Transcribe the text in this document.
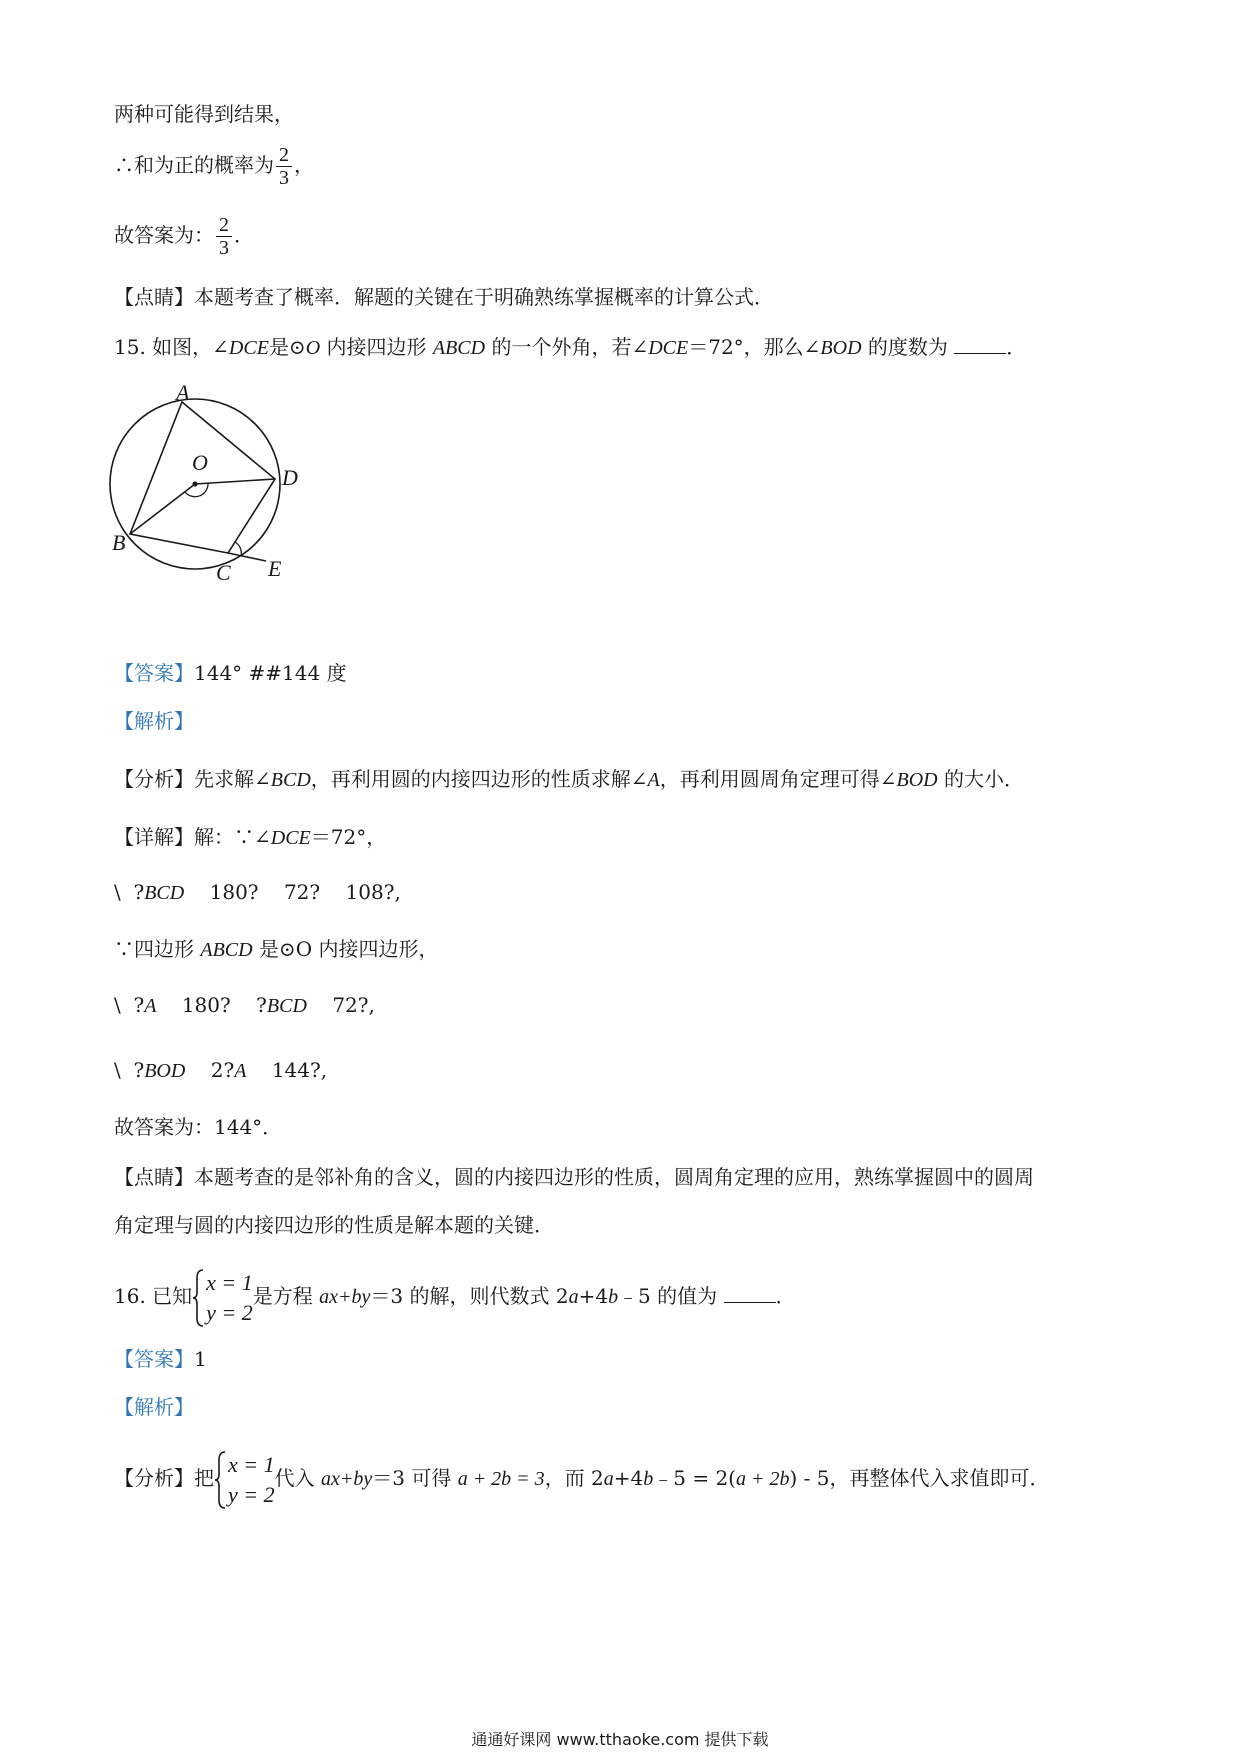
两种可能得到结果，
∴和为正的概率为 $\frac{2}{3}$ ，
故答案为： $\frac{2}{3}$ ．
【点睛】本题考查了概率．解题的关键在于明确熟练掌握概率的计算公式．
15. 如图，∠DCE是⊙O 内接四边形 ABCD 的一个外角，若∠DCE＝72°，那么∠BOD 的度数为	．
A
O
D
B
C E
【答案】144° ##144 度
【解析】
【分析】先求解∠BCD，再利用圆的内接四边形的性质求解∠A，再利用圆周角定理可得∠BOD 的大小．
【详解】解：∵∠DCE＝72°，
\  ?BCD    180?    72?    108?,
∵四边形 ABCD 是⊙O 内接四边形，
\  ?A    180?    ?BCD    72?,
\  ?BOD    2?A    144?,
故答案为：144°．
【点睛】本题考查的是邻补角的含义，圆的内接四边形的性质，圆周角定理的应用，熟练掌握圆中的圆周
角定理与圆的内接四边形的性质是解本题的关键．
16. 已知
x = 1
y = 2
是方程 ax+by＝3 的解，则代数式 2a+4b﹣5 的值为	．
【答案】1
【解析】
【分析】把
x = 1
y = 2
代入 ax+by＝3 可得 a + 2b = 3，而 2a+4b﹣5 = 2(a + 2b) - 5，再整体代入求值即可．
通通好课网 www.tthaoke.com 提供下载
